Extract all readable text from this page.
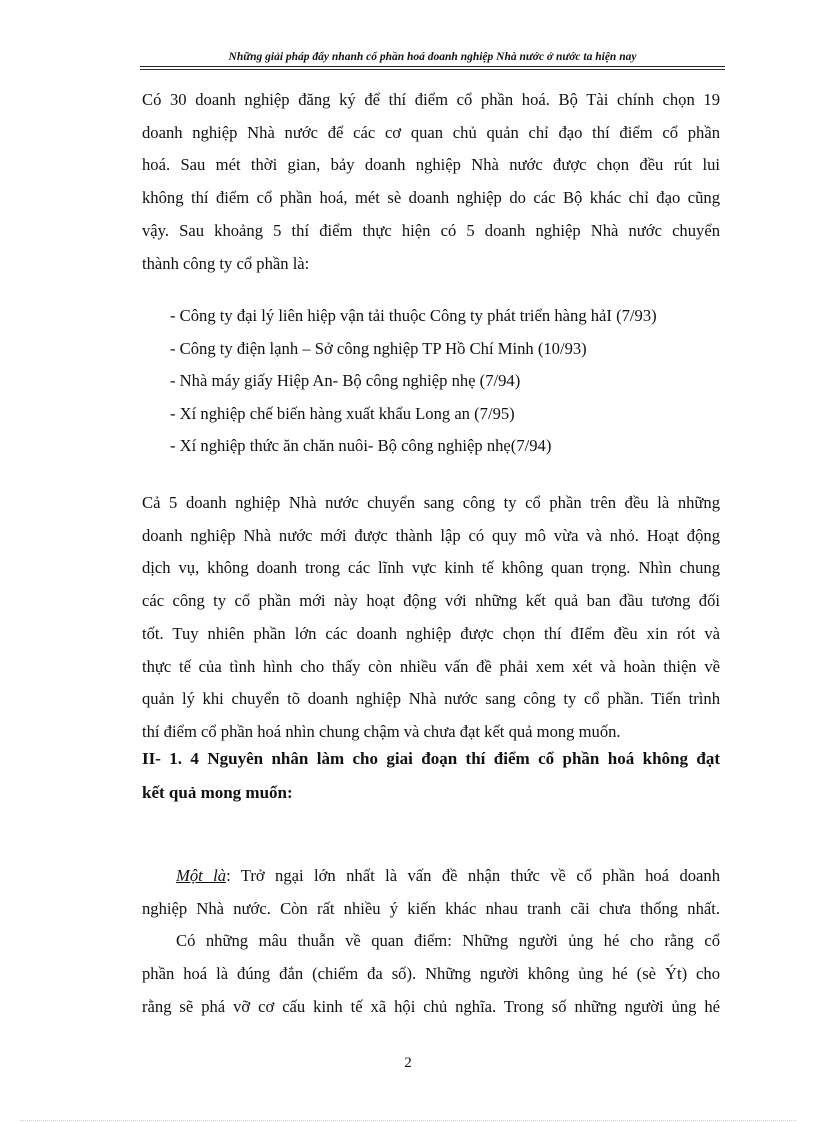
Những giải pháp đẩy nhanh cổ phần hoá doanh nghiệp Nhà nước ở nước ta hiện nay
Có 30 doanh nghiệp đăng ký để thí điểm cổ phần hoá. Bộ Tài chính chọn 19
doanh nghiệp Nhà nước để các cơ quan chủ quản chỉ đạo thí điểm cổ phần
hoá. Sau mét thời gian, bảy doanh nghiệp Nhà nước được chọn đều rút lui
không thí điểm cổ phần hoá, mét sè doanh nghiệp do các Bộ khác chỉ đạo cũng
vậy. Sau khoảng 5 thí điểm thực hiện có 5 doanh nghiệp Nhà nước chuyển
thành công ty cổ phần là:
- Công ty đại lý liên hiệp vận tải thuộc Công ty phát triển hàng hảI (7/93)
- Công ty điện lạnh – Sở công nghiệp TP Hồ Chí Minh (10/93)
- Nhà máy giấy Hiệp An- Bộ công nghiệp nhẹ (7/94)
- Xí nghiệp chế biến hàng xuất khẩu Long an (7/95)
- Xí nghiệp thức ăn chăn nuôi- Bộ công nghiệp nhẹ(7/94)
Cả 5 doanh nghiệp Nhà nước chuyển sang công ty cổ phần trên đều là những
doanh nghiệp Nhà nước mới được thành lập có quy mô vừa và nhỏ. Hoạt động
dịch vụ, không doanh trong các lĩnh vực kinh tế không quan trọng. Nhìn chung
các công ty cổ phần mới này hoạt động với những kết quả ban đầu tương đối
tốt. Tuy nhiên phần lớn các doanh nghiệp được chọn thí đIểm đều xin rót và
thực tế của tình hình cho thấy còn nhiều vấn đề phải xem xét và hoàn thiện về
quản lý khi chuyển tõ doanh nghiệp Nhà nước sang công ty cổ phần. Tiến trình
thí điểm cổ phần hoá nhìn chung chậm và chưa đạt kết quả mong muốn.
II- 1. 4 Nguyên nhân làm cho giai đoạn thí điểm cổ phần hoá không đạt
kết quả mong muốn:
Một là: Trở ngại lớn nhất là vấn đề nhận thức về cổ phần hoá doanh
nghiệp Nhà nước. Còn rất nhiều ý kiến khác nhau tranh cãi chưa thống nhất.
Có những mâu thuẫn về quan điểm: Những người ủng hé cho rằng cổ
phần hoá là đúng đắn (chiếm đa số). Những người không ủng hé (sè Ýt) cho
rằng sẽ phá vỡ cơ cấu kinh tế xã hội chủ nghĩa. Trong số những người ủng hé
2
